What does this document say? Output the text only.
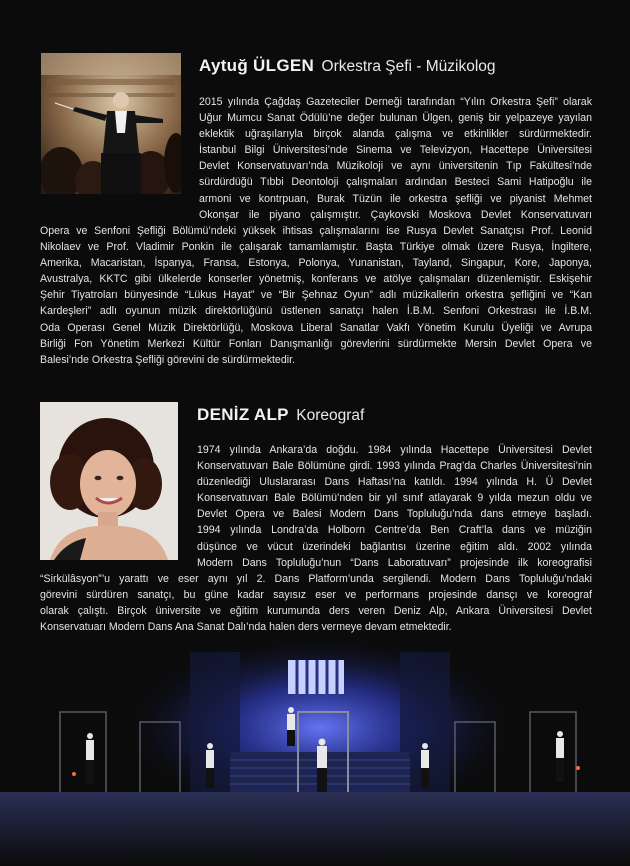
Aytuğ ÜLGEN Orkestra Şefi - Müzikolog
2015 yılında Çağdaş Gazeteciler Derneği tarafından “Yılın Orkestra Şefi” olarak
Uğur Mumcu Sanat Ödülü’ne değer bulunan Ülgen, geniş bir yelpazeye yayılan
eklektik uğraşılarıyla birçok alanda çalışma ve etkinlikler sürdürmektedir.
İstanbul Bilgi Üniversitesi’nde Sinema ve Televizyon, Hacettepe Üniversitesi
Devlet Konservatuvarı’nda Müzikoloji ve aynı üniversitenin Tıp Fakültesi’nde
sürdürdüğü Tıbbi Deontoloji çalışmaları ardından Besteci Sami Hatipoğlu ile
armoni ve kontrpuan, Burak Tüzün ile orkestra şefliği ve piyanist Mehmet
Okonşar ile piyano çalışmıştır. Çaykovski Moskova Devlet Konservatuvarı
Opera ve Senfoni Şefliği Bölümü’ndeki yüksek ihtisas çalışmalarını ise Rusya Devlet Sanatçısı Prof. Leonid
Nikolaev ve Prof. Vladimir Ponkin ile çalışarak tamamlamıştır. Başta Türkiye olmak üzere Rusya, İngiltere,
Amerika, Macaristan, İspanya, Fransa, Estonya, Polonya, Yunanistan, Tayland, Singapur, Kore, Japonya,
Avustralya, KKTC gibi ülkelerde konserler yönetmiş, konferans ve atölye çalışmaları düzenlemiştir. Eskişehir
Şehir Tiyatroları bünyesinde “Lükus Hayat” ve “Bir Şehnaz Oyun” adlı müzikallerin orkestra şefliğini ve “Kan
Kardeşleri” adlı oyunun müzik direktörlüğünü üstlenen sanatçı halen İ.B.M. Senfoni Orkestrası ile İ.B.M.
Oda Operası Genel Müzik Direktörlüğü, Moskova Liberal Sanatlar Vakfı Yönetim Kurulu Üyeliği ve Avrupa
Birliği Fon Yönetim Merkezi Kültür Fonları Danışmanlığı görevlerini sürdürmekte Mersin Devlet Opera ve
Balesi’nde Orkestra Şefliği görevini de sürdürmektedir.
DENİZ ALP Koreograf
1974 yılında Ankara’da doğdu. 1984 yılında Hacettepe Üniversitesi Devlet
Konservatuvarı Bale Bölümüne girdi. 1993 yılında Prag’da Charles Üniversitesi’nin
düzenlediği Uluslararası Dans Haftası’na katıldı. 1994 yılında H. Ü Devlet
Konservatuvarı Bale Bölümü’nden bir yıl sınıf atlayarak 9 yılda mezun oldu ve
Devlet Opera ve Balesi Modern Dans Topluluğu’nda dans etmeye başladı.
1994 yılında Londra’da Holborn Centre’da Ben Craft’la dans ve müziğin
düşünce ve vücut üzerindeki bağlantısı üzerine eğitim aldı. 2002 yılında
Modern Dans Topluluğu’nun “Dans Laboratuvarı” projesinde ilk koreografisi
“Sirkülâsyon”’u yarattı ve eser aynı yıl 2. Dans Platform’unda sergilendi. Modern Dans Topluluğu’ndaki
görevini sürdüren sanatçı, bu güne kadar sayısız eser ve performans projesinde dansçı ve koreograf
olarak çalıştı. Birçok üniversite ve eğitim kurumunda ders veren Deniz Alp, Ankara Üniversitesi Devlet
Konservatuarı Modern Dans Ana Sanat Dalı’nda halen ders vermeye devam etmektedir.
